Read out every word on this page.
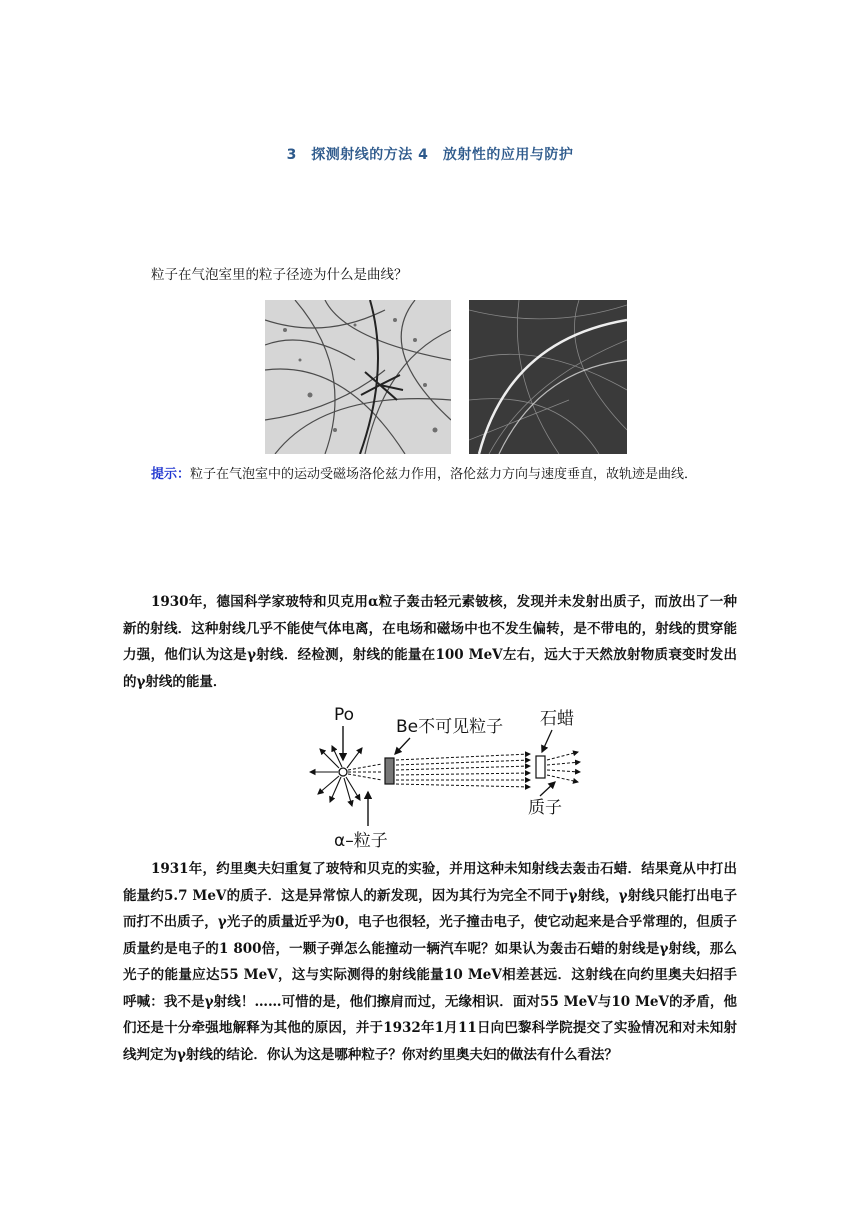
3　探测射线的方法 4　放射性的应用与防护
粒子在气泡室里的粒子径迹为什么是曲线？
提示：粒子在气泡室中的运动受磁场洛伦兹力作用，洛伦兹力方向与速度垂直，故轨迹是曲线．
1930年，德国科学家玻特和贝克用α粒子轰击轻元素铍核，发现并未发射出质子，而放出了一种新的射线．这种射线几乎不能使气体电离，在电场和磁场中也不发生偏转，是不带电的，射线的贯穿能力强，他们认为这是γ射线．经检测，射线的能量在100 MeV左右，远大于天然放射物质衰变时发出的γ射线的能量．
Po
Be不可见粒子 石蜡
质子
α–粒子
1931年，约里奥夫妇重复了玻特和贝克的实验，并用这种未知射线去轰击石蜡．结果竟从中打出能量约5.7 MeV的质子．这是异常惊人的新发现，因为其行为完全不同于γ射线，γ射线只能打出电子而打不出质子，γ光子的质量近乎为0，电子也很轻，光子撞击电子，使它动起来是合乎常理的，但质子质量约是电子的1 800倍，一颗子弹怎么能撞动一辆汽车呢？如果认为轰击石蜡的射线是γ射线，那么光子的能量应达55 MeV，这与实际测得的射线能量10 MeV相差甚远．这射线在向约里奥夫妇招手呼喊：我不是γ射线！……可惜的是，他们擦肩而过，无缘相识．面对55 MeV与10 MeV的矛盾，他们还是十分牵强地解释为其他的原因，并于1932年1月11日向巴黎科学院提交了实验情况和对未知射线判定为γ射线的结论．你认为这是哪种粒子？你对约里奥夫妇的做法有什么看法？
